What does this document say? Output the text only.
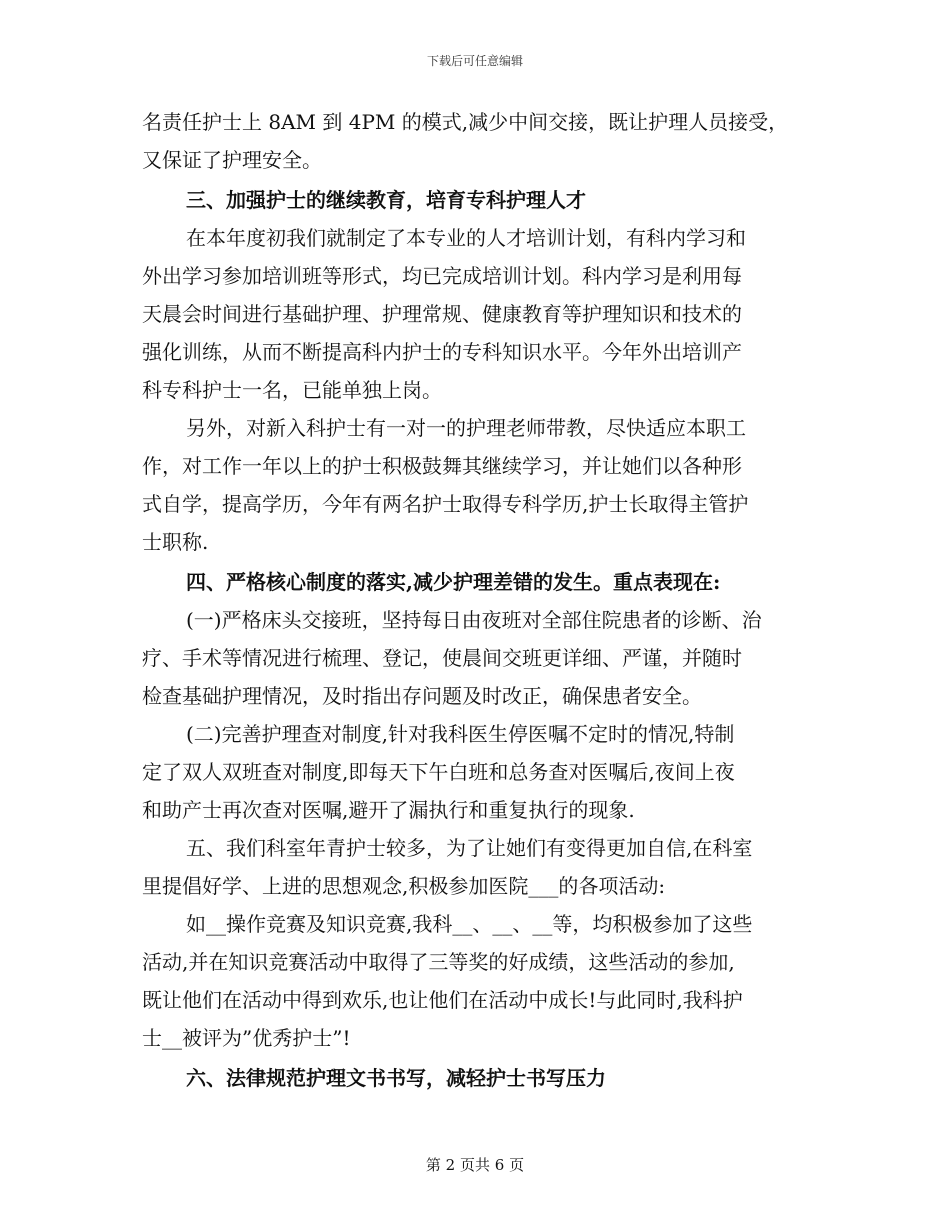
下载后可任意编辑
名责任护士上 8AM 到 4PM 的模式,减少中间交接，既让护理人员接受，
又保证了护理安全。
三、加强护士的继续教育，培育专科护理人才
在本年度初我们就制定了本专业的人才培训计划，有科内学习和
外出学习参加培训班等形式，均已完成培训计划。科内学习是利用每
天晨会时间进行基础护理、护理常规、健康教育等护理知识和技术的
强化训练，从而不断提高科内护士的专科知识水平。今年外出培训产
科专科护士一名，已能单独上岗。
另外，对新入科护士有一对一的护理老师带教，尽快适应本职工
作，对工作一年以上的护士积极鼓舞其继续学习，并让她们以各种形
式自学，提高学历，今年有两名护士取得专科学历,护士长取得主管护
士职称.
四、严格核心制度的落实,减少护理差错的发生。重点表现在:
(一)严格床头交接班，坚持每日由夜班对全部住院患者的诊断、治
疗、手术等情况进行梳理、登记，使晨间交班更详细、严谨，并随时
检查基础护理情况，及时指出存问题及时改正，确保患者安全。
(二)完善护理查对制度,针对我科医生停医嘱不定时的情况,特制
定了双人双班查对制度,即每天下午白班和总务查对医嘱后,夜间上夜
和助产士再次查对医嘱,避开了漏执行和重复执行的现象.
五、我们科室年青护士较多，为了让她们有变得更加自信,在科室
里提倡好学、上进的思想观念,积极参加医院___的各项活动:
如__操作竞赛及知识竞赛,我科__、__、__等，均积极参加了这些
活动,并在知识竞赛活动中取得了三等奖的好成绩，这些活动的参加,
既让他们在活动中得到欢乐,也让他们在活动中成长!与此同时,我科护
士__被评为”优秀护士”!
六、法律规范护理文书书写，减轻护士书写压力
第 2 页共 6 页
